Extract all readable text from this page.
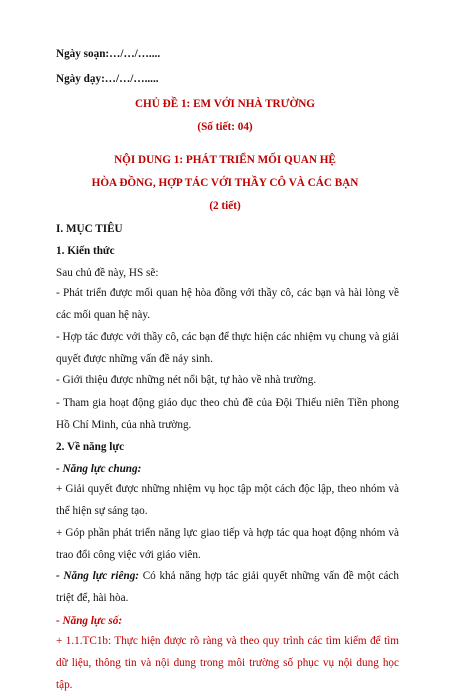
Ngày soạn:…/…/…....
Ngày dạy:…/…/….....
CHỦ ĐỀ 1: EM VỚI NHÀ TRƯỜNG
(Số tiết: 04)
NỘI DUNG 1: PHÁT TRIỂN MỐI QUAN HỆ
HÒA ĐỒNG, HỢP TÁC VỚI THẦY CÔ VÀ CÁC BẠN
(2 tiết)
I. MỤC TIÊU
1. Kiến thức
Sau chủ đề này, HS sẽ:
- Phát triển được mối quan hệ hòa đồng với thầy cô, các bạn và hài lòng về các mối quan hệ này.
- Hợp tác được với thầy cô, các bạn để thực hiện các nhiệm vụ chung và giải quyết được những vấn đề nảy sinh.
- Giới thiệu được những nét nổi bật, tự hào về nhà trường.
- Tham gia hoạt động giáo dục theo chủ đề của Đội Thiếu niên Tiền phong Hồ Chí Minh, của nhà trường.
2. Về năng lực
- Năng lực chung:
+ Giải quyết được những nhiệm vụ học tập một cách độc lập, theo nhóm và thể hiện sự sáng tạo.
+ Góp phần phát triển năng lực giao tiếp và hợp tác qua hoạt động nhóm và trao đổi công việc với giáo viên.
- Năng lực riêng: Có khả năng hợp tác giải quyết những vấn đề một cách triệt để, hài hòa.
- Năng lực số:
+ 1.1.TC1b: Thực hiện được rõ ràng và theo quy trình các tìm kiếm để tìm dữ liệu, thông tin và nội dung trong môi trường số phục vụ nội dung học tập.
